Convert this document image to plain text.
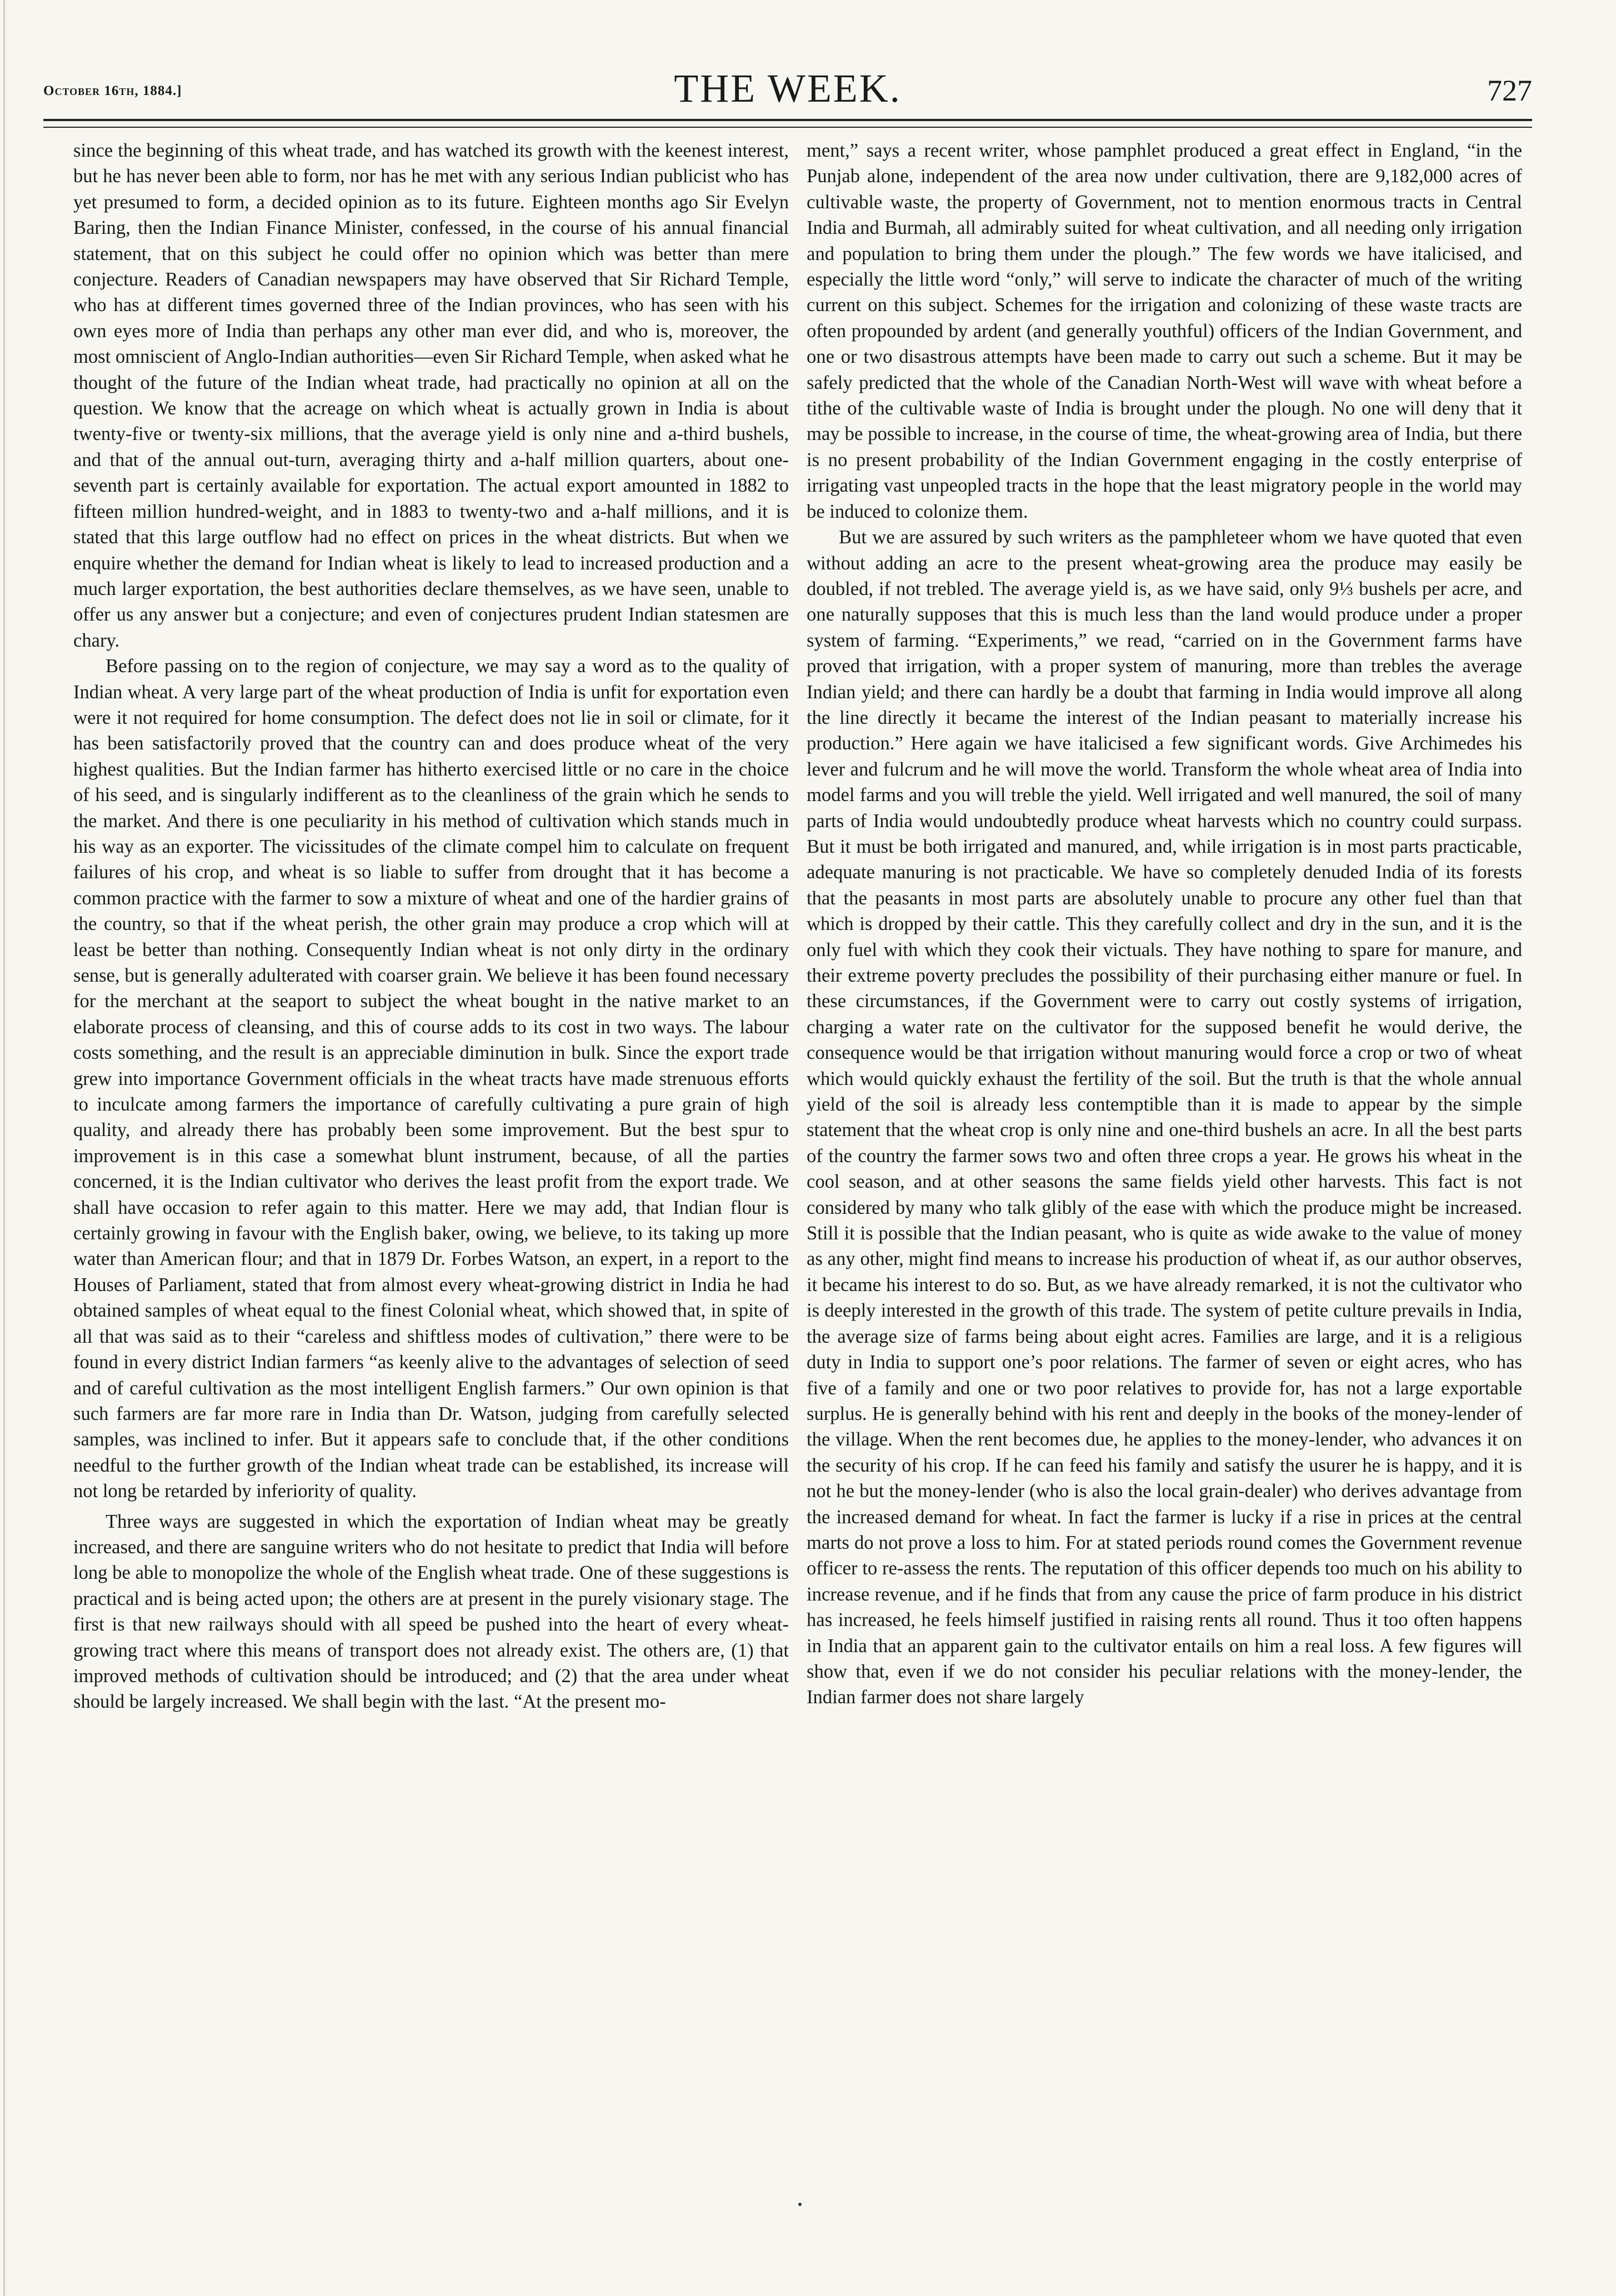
October 16th, 1884.]	THE WEEK.	727

since the beginning of this wheat trade, and has watched its growth with the keenest interest, but he has never been able to form, nor has he met with any serious Indian publicist who has yet presumed to form, a decided opinion as to its future. Eighteen months ago Sir Evelyn Baring, then the Indian Finance Minister, confessed, in the course of his annual financial statement, that on this subject he could offer no opinion which was better than mere conjecture. Readers of Canadian newspapers may have observed that Sir Richard Temple, who has at different times governed three of the Indian provinces, who has seen with his own eyes more of India than perhaps any other man ever did, and who is, moreover, the most omniscient of Anglo-Indian authorities—even Sir Richard Temple, when asked what he thought of the future of the Indian wheat trade, had practically no opinion at all on the question. We know that the acreage on which wheat is actually grown in India is about twenty-five or twenty-six millions, that the average yield is only nine and a-third bushels, and that of the annual out-turn, averaging thirty and a-half million quarters, about one-seventh part is certainly available for exportation. The actual export amounted in 1882 to fifteen million hundred-weight, and in 1883 to twenty-two and a-half millions, and it is stated that this large outflow had no effect on prices in the wheat districts. But when we enquire whether the demand for Indian wheat is likely to lead to increased production and a much larger exportation, the best authorities declare themselves, as we have seen, unable to offer us any answer but a conjecture; and even of conjectures prudent Indian statesmen are chary.

Before passing on to the region of conjecture, we may say a word as to the quality of Indian wheat. A very large part of the wheat production of India is unfit for exportation even were it not required for home consumption. The defect does not lie in soil or climate, for it has been satisfactorily proved that the country can and does produce wheat of the very highest qualities. But the Indian farmer has hitherto exercised little or no care in the choice of his seed, and is singularly indifferent as to the cleanliness of the grain which he sends to the market. And there is one peculiarity in his method of cultivation which stands much in his way as an exporter. The vicissitudes of the climate compel him to calculate on frequent failures of his crop, and wheat is so liable to suffer from drought that it has become a common practice with the farmer to sow a mixture of wheat and one of the hardier grains of the country, so that if the wheat perish, the other grain may produce a crop which will at least be better than nothing. Consequently Indian wheat is not only dirty in the ordinary sense, but is generally adulterated with coarser grain. We believe it has been found necessary for the merchant at the seaport to subject the wheat bought in the native market to an elaborate process of cleansing, and this of course adds to its cost in two ways. The labour costs something, and the result is an appreciable diminution in bulk. Since the export trade grew into importance Government officials in the wheat tracts have made strenuous efforts to inculcate among farmers the importance of carefully cultivating a pure grain of high quality, and already there has probably been some improvement. But the best spur to improvement is in this case a somewhat blunt instrument, because, of all the parties concerned, it is the Indian cultivator who derives the least profit from the export trade. We shall have occasion to refer again to this matter. Here we may add, that Indian flour is certainly growing in favour with the English baker, owing, we believe, to its taking up more water than American flour; and that in 1879 Dr. Forbes Watson, an expert, in a report to the Houses of Parliament, stated that from almost every wheat-growing district in India he had obtained samples of wheat equal to the finest Colonial wheat, which showed that, in spite of all that was said as to their “careless and shiftless modes of cultivation,” there were to be found in every district Indian farmers “as keenly alive to the advantages of selection of seed and of careful cultivation as the most intelligent English farmers.” Our own opinion is that such farmers are far more rare in India than Dr. Watson, judging from carefully selected samples, was inclined to infer. But it appears safe to conclude that, if the other conditions needful to the further growth of the Indian wheat trade can be established, its increase will not long be retarded by inferiority of quality.

Three ways are suggested in which the exportation of Indian wheat may be greatly increased, and there are sanguine writers who do not hesitate to predict that India will before long be able to monopolize the whole of the English wheat trade. One of these suggestions is practical and is being acted upon; the others are at present in the purely visionary stage. The first is that new railways should with all speed be pushed into the heart of every wheat-growing tract where this means of transport does not already exist. The others are, (1) that improved methods of cultivation should be introduced; and (2) that the area under wheat should be largely increased. We shall begin with the last. “At the present mo-

ment,” says a recent writer, whose pamphlet produced a great effect in England, “in the Punjab alone, independent of the area now under cultivation, there are 9,182,000 acres of cultivable waste, the property of Government, not to mention enormous tracts in Central India and Burmah, all admirably suited for wheat cultivation, and all needing only irrigation and population to bring them under the plough.” The few words we have italicised, and especially the little word “only,” will serve to indicate the character of much of the writing current on this subject. Schemes for the irrigation and colonizing of these waste tracts are often propounded by ardent (and generally youthful) officers of the Indian Government, and one or two disastrous attempts have been made to carry out such a scheme. But it may be safely predicted that the whole of the Canadian North-West will wave with wheat before a tithe of the cultivable waste of India is brought under the plough. No one will deny that it may be possible to increase, in the course of time, the wheat-growing area of India, but there is no present probability of the Indian Government engaging in the costly enterprise of irrigating vast unpeopled tracts in the hope that the least migratory people in the world may be induced to colonize them.

But we are assured by such writers as the pamphleteer whom we have quoted that even without adding an acre to the present wheat-growing area the produce may easily be doubled, if not trebled. The average yield is, as we have said, only 9⅓ bushels per acre, and one naturally supposes that this is much less than the land would produce under a proper system of farming. “Experiments,” we read, “carried on in the Government farms have proved that irrigation, with a proper system of manuring, more than trebles the average Indian yield; and there can hardly be a doubt that farming in India would improve all along the line directly it became the interest of the Indian peasant to materially increase his production.” Here again we have italicised a few significant words. Give Archimedes his lever and fulcrum and he will move the world. Transform the whole wheat area of India into model farms and you will treble the yield. Well irrigated and well manured, the soil of many parts of India would undoubtedly produce wheat harvests which no country could surpass. But it must be both irrigated and manured, and, while irrigation is in most parts practicable, adequate manuring is not practicable. We have so completely denuded India of its forests that the peasants in most parts are absolutely unable to procure any other fuel than that which is dropped by their cattle. This they carefully collect and dry in the sun, and it is the only fuel with which they cook their victuals. They have nothing to spare for manure, and their extreme poverty precludes the possibility of their purchasing either manure or fuel. In these circumstances, if the Government were to carry out costly systems of irrigation, charging a water rate on the cultivator for the supposed benefit he would derive, the consequence would be that irrigation without manuring would force a crop or two of wheat which would quickly exhaust the fertility of the soil. But the truth is that the whole annual yield of the soil is already less contemptible than it is made to appear by the simple statement that the wheat crop is only nine and one-third bushels an acre. In all the best parts of the country the farmer sows two and often three crops a year. He grows his wheat in the cool season, and at other seasons the same fields yield other harvests. This fact is not considered by many who talk glibly of the ease with which the produce might be increased. Still it is possible that the Indian peasant, who is quite as wide awake to the value of money as any other, might find means to increase his production of wheat if, as our author observes, it became his interest to do so. But, as we have already remarked, it is not the cultivator who is deeply interested in the growth of this trade. The system of petite culture prevails in India, the average size of farms being about eight acres. Families are large, and it is a religious duty in India to support one’s poor relations. The farmer of seven or eight acres, who has five of a family and one or two poor relatives to provide for, has not a large exportable surplus. He is generally behind with his rent and deeply in the books of the money-lender of the village. When the rent becomes due, he applies to the money-lender, who advances it on the security of his crop. If he can feed his family and satisfy the usurer he is happy, and it is not he but the money-lender (who is also the local grain-dealer) who derives advantage from the increased demand for wheat. In fact the farmer is lucky if a rise in prices at the central marts do not prove a loss to him. For at stated periods round comes the Government revenue officer to re-assess the rents. The reputation of this officer depends too much on his ability to increase revenue, and if he finds that from any cause the price of farm produce in his district has increased, he feels himself justified in raising rents all round. Thus it too often happens in India that an apparent gain to the cultivator entails on him a real loss. A few figures will show that, even if we do not consider his peculiar relations with the money-lender, the Indian farmer does not share largely
